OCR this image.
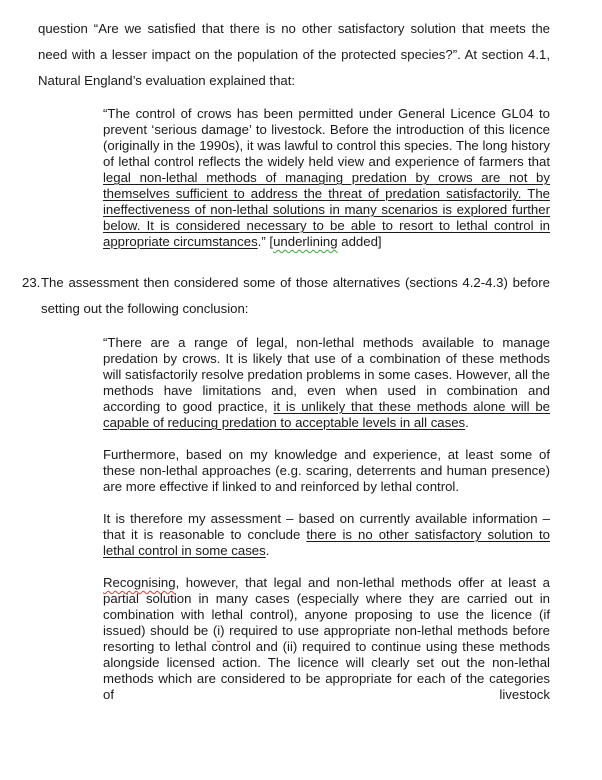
question “Are we satisfied that there is no other satisfactory solution that meets the need with a lesser impact on the population of the protected species?”. At section 4.1, Natural England’s evaluation explained that:

“The control of crows has been permitted under General Licence GL04 to prevent ‘serious damage’ to livestock. Before the introduction of this licence (originally in the 1990s), it was lawful to control this species. The long history of lethal control reflects the widely held view and experience of farmers that legal non-lethal methods of managing predation by crows are not by themselves sufficient to address the threat of predation satisfactorily. The ineffectiveness of non-lethal solutions in many scenarios is explored further below. It is considered necessary to be able to resort to lethal control in appropriate circumstances.” [underlining added]

23. The assessment then considered some of those alternatives (sections 4.2-4.3) before setting out the following conclusion:

“There are a range of legal, non-lethal methods available to manage predation by crows. It is likely that use of a combination of these methods will satisfactorily resolve predation problems in some cases. However, all the methods have limitations and, even when used in combination and according to good practice, it is unlikely that these methods alone will be capable of reducing predation to acceptable levels in all cases.

Furthermore, based on my knowledge and experience, at least some of these non-lethal approaches (e.g. scaring, deterrents and human presence) are more effective if linked to and reinforced by lethal control.

It is therefore my assessment – based on currently available information – that it is reasonable to conclude there is no other satisfactory solution to lethal control in some cases.

Recognising, however, that legal and non-lethal methods offer at least a partial solution in many cases (especially where they are carried out in combination with lethal control), anyone proposing to use the licence (if issued) should be (i) required to use appropriate non-lethal methods before resorting to lethal control and (ii) required to continue using these methods alongside licensed action. The licence will clearly set out the non-lethal methods which are considered to be appropriate for each of the categories of livestock
